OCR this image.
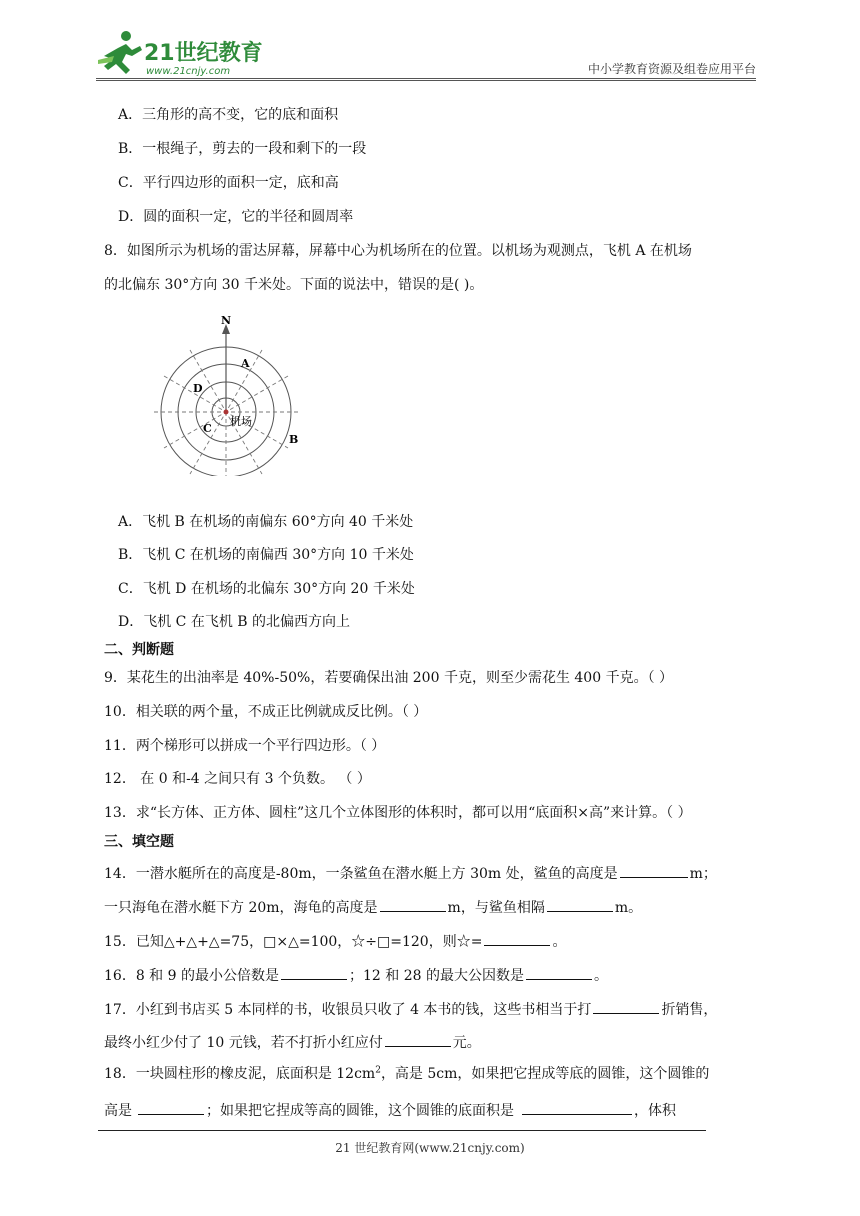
21世纪教育
www.21cnjy.com	中小学教育资源及组卷应用平台
A．三角形的高不变，它的底和面积
B．一根绳子，剪去的一段和剩下的一段
C．平行四边形的面积一定，底和高
D．圆的面积一定，它的半径和圆周率
8．如图所示为机场的雷达屏幕，屏幕中心为机场所在的位置。以机场为观测点，飞机 A 在机场
的北偏东 30°方向 30 千米处。下面的说法中，错误的是( )。
N
机场
A
B
C
D
A．飞机 B 在机场的南偏东 60°方向 40 千米处
B．飞机 C 在机场的南偏西 30°方向 10 千米处
C．飞机 D 在机场的北偏东 30°方向 20 千米处
D．飞机 C 在飞机 B 的北偏西方向上
二、判断题
9．某花生的出油率是 40%-50%，若要确保出油 200 千克，则至少需花生 400 千克。（ ）
10．相关联的两个量，不成正比例就成反比例。（ ）
11．两个梯形可以拼成一个平行四边形。（ ）
12． 在 0 和-4 之间只有 3 个负数。 （ ）
13．求“长方体、正方体、圆柱”这几个立体图形的体积时，都可以用“底面积×高”来计算。（ ）
三、填空题
14．一潜水艇所在的高度是-80m，一条鲨鱼在潜水艇上方 30m 处，鲨鱼的高度是	m；
一只海龟在潜水艇下方 20m，海龟的高度是	m，与鲨鱼相隔	m。
15．已知△+△+△=75，□×△=100，☆÷□=120，则☆=	。
16．8 和 9 的最小公倍数是	；12 和 28 的最大公因数是	。
17．小红到书店买 5 本同样的书，收银员只收了 4 本书的钱，这些书相当于打	折销售，
最终小红少付了 10 元钱，若不打折小红应付	元。
18．一块圆柱形的橡皮泥，底面积是 $12cm^2$，高是 5cm，如果把它捏成等底的圆锥，这个圆锥的
高是	；如果把它捏成等高的圆锥，这个圆锥的底面积是	，体积
21 世纪教育网(www.21cnjy.com)
